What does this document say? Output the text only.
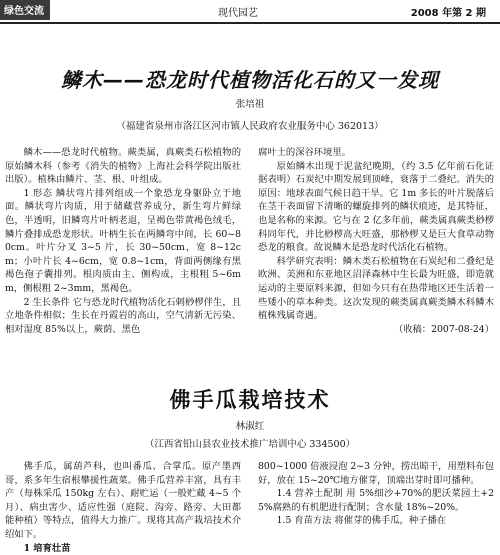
绿色交流	现代园艺	2008 年第 2 期
鳞木——恐龙时代植物活化石的又一发现
张培祖
（福建省泉州市洛江区河市镇人民政府农业服务中心 362013）

鳞木——恐龙时代植物。蕨类属，真蕨类石松植物的原始鳞木科（参考《消失的植物》上海社会科学院出版社出版）。植株由鳞片、茎、根、叶组成。

1 形态 鳞状弯片排列组成一个象恐龙身躯卧立于地面。鳞状弯片肉质，用于储藏营养成分，新生弯片鲜绿色，半透明，旧鳞弯片叶柄老退，呈褐色带黄褐色绒毛，鳞片叠排成恐龙形状。叶柄生长在两鳞弯中间，长 60~80cm。叶片分叉 3~5 片，长 30~50cm，宽 8~12cm；小叶片长 4~6cm，宽 0.8~1cm，背面两侧缘有黑褐色孢子囊排列。根肉质由主、侧构成，主根粗 5~6mm，侧根粗 2~3mm，黑褐色。

2 生长条件 它与恐龙时代植物活化石剌桫椤伴生，且立地条件相似；生长在丹霞岩的高山，空气清新无污染、相对湿度 85%以上，蕨荫、黑色

腐叶土的深谷环境里。

原始鳞木出现于泥盆纪晚期，（约 3.5 亿年前石化证据表明）石炭纪中期发展到顶峰，衰落于二叠纪。消失的原因：地球表面气候日趋干旱。它 1m 多长的叶片脱落后在茎干表面留下清晰的螺旋排列的鳞状痕迹，是其特征，也是名称的来源。它与在 2 亿多年前，蕨类属真蕨类桫椤科同年代，并比桫椤高大旺盛，那桫椤又是巨大食草动物恐龙的粮食。故说鳞木是恐龙时代活化石植物。

科学研究表明：鳞木类石松植物在石炭纪和二叠纪是欧洲、美洲和东亚地区沼泽森林中生长最为旺盛，即造就运动的主要原料来源，但如今只有在热带地区还生活着一些矮小的草本种类。这次发现的蕨类属真蕨类鳞木科鳞木植株残属奇遇。

（收稿：2007-08-24）
佛手瓜栽培技术
林淑红
（江西省铅山县农业技术推广培训中心 334500）

佛手瓜，属葫芦科，也叫番瓜、合掌瓜。原产墨西哥，系多年生宿根攀援性蔬菜。佛手瓜营养丰富，具有丰产（每株采瓜 150kg 左右）、耐贮运（一般贮藏 4~5 个月）、病虫害少、适应性强（庭院、沟旁、路旁、大田都能种植）等特点，值得大力推广。现将其高产栽培技术介绍如下。

1 培育壮苗

800~1000 倍液浸泡 2~3 分钟，捞出晾干，用塑料布包好，放在 15~20℃地方催芽，顶端出芽时即可播种。

1.4 营养土配制 用 5%细沙+70%的肥沃菜园土+25%腐熟的有机肥进行配制；含水量 18%~20%。

1.5 育苗方法 将催芽的佛手瓜，种子播在
